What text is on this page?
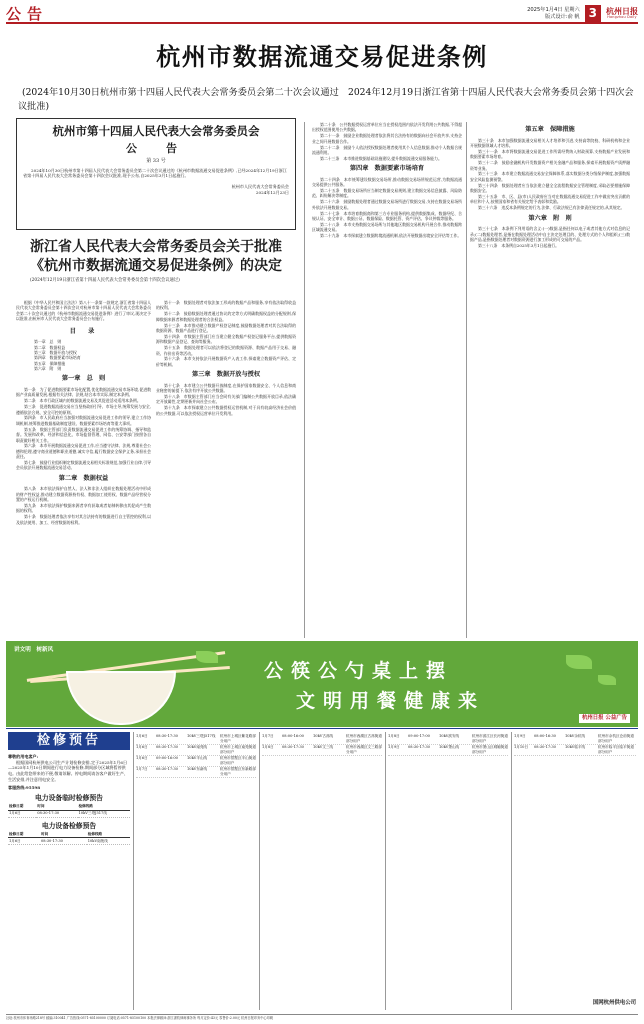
公告	2025年1月4日 星期六
版式设计:俞 帆 3	杭州日报
Hangzhou Daily
杭州市数据流通交易促进条例
(2024年10月30日杭州市第十四届人民代表大会常务委员会第二十次会议通过　2024年12月19日浙江省第十四届人民代表大会常务委员会第十四次会议批准)
杭州市第十四届人民代表大会常务委员会
公　告
第 33 号

2024年10月30日杭州市第十四届人民代表大会常务委员会第二十次会议通过的《杭州市数据流通交易促进条例》,已经2024年12月19日浙江省第十四届人民代表大会常务委员会第十四次会议批准,现予公布,自2025年3月1日起施行。

杭州市人民代表大会常务委员会
2024年12月23日
浙江省人民代表大会常务委员会关于批准《杭州市数据流通交易促进条例》的决定
(2024年12月19日浙江省第十四届人民代表大会常务委员会第十四次会议通过)

根据《中华人民共和国立法法》第八十一条第一款规定,浙江省第十四届人民代表大会常务委员会第十四次会议对杭州市第十四届人民代表大会常务委员会第二十次会议通过的《杭州市数据流通交易促进条例》进行了审议,现决定予以批准,由杭州市人民代表大会常务委员会公布施行。

目　录
第一章　总　则
第二章　数据权益
第三章　数据开放与授权
第四章　数据要素市场培育
第五章　保障措施
第六章　附　则
第一章　总　则

第一条　为了促进数据要素市场化配置,优化数据流通交易市场环境,促进数据产业高质量发展,根据有关法律、法规,结合本市实际,制定本条例。

第二条　本市行政区域内的数据流通交易及其促进活动适用本条例。

第三条　促进数据流通交易应当坚持政府引导、市场主导,统筹发展与安全,遵循依法合规、安全可控的原则。

第四条　市人民政府应当加强对数据流通交易促进工作的领导,建立工作协调机制,统筹推进数据基础制度建设、数据要素市场培育等重大事项。

第五条　数据主管部门负责数据流通交易促进工作的统筹协调、指导和监督。发展和改革、经济和信息化、市场监督管理、网信、公安等部门按照各自职责做好相关工作。

第六条　本市开展数据流通交易促进工作,应当遵守法律、法规,尊重社会公德和伦理,遵守商业道德和职业道德,诚实守信,履行数据安全保护义务,承担社会责任。

第七条　鼓励行业组织制定数据流通交易相关标准规范,加强行业自律,引导会员依法开展数据流通交易活动。

第二章　数据权益

第八条　本市依法保护自然人、法人和非法人组织在数据处理活动中形成的财产性权益,推动建立数据资源持有权、数据加工使用权、数据产品经营权分置的产权运行机制。

第九条　本市依法保护数据来源者享有获取或者复制转移由其促成产生数据的权利。

第十条　数据处理者依法享有对其合法持有的数据进行自主管控的权利,以及依法使用、加工、经营数据的权利。

第十一条　数据处理者对依法加工形成的数据产品和服务,享有依法取得收益的权利。

第十二条　鼓励数据处理者通过协议约定等方式明确数据权益的分配规则,保障数据来源者和数据处理者的合法权益。

第十三条　本市推动建立数据产权登记制度,鼓励数据处理者对其合法取得的数据资源、数据产品进行登记。

第十四条　市数据主管部门应当建立健全数据产权登记服务平台,提供数据资源和数据产品登记、查询等服务。

第十五条　数据处理者可以依法将登记的数据资源、数据产品用于交易、融资、作价出资等活动。

第十六条　本市支持依法开展数据资产入表工作,探索建立数据资产评估、定价等机制。

第三章　数据开放与授权

第十七条　本市建立公共数据开放制度,在保护国家数据安全、个人信息和商业秘密的前提下,依法有序开放公共数据。

第十八条　市数据主管部门应当会同有关部门编制公共数据开放目录,依法确定开放属性,定期更新并向社会公布。

第十九条　本市探索建立公共数据授权运营机制,对于具有较高经济社会价值的公共数据,可以依法授权运营单位开发利用。

第二十条　公共数据授权运营单位应当在授权范围内依法开发利用公共数据,不得超出授权范围使用公共数据。

第二十一条　鼓励企业数据处理者依法将其合法持有的数据向社会开放共享,支持企业之间开展数据合作。

第二十二条　鼓励个人依法授权数据处理者使用其个人信息数据,推动个人数据合规流通利用。

第二十三条　本市推进数据基础设施建设,提升数据流通交易服务能力。

第四章　数据要素市场培育

第二十四条　本市统筹建设数据交易场所,推动数据交易场所规范运营,为数据流通交易提供公共服务。

第二十五条　数据交易场所应当制定数据交易规则,建立数据交易信息披露、风险防范、纠纷解决等制度。

第二十六条　鼓励数据处理者通过数据交易场所进行数据交易,支持在数据交易场所外依法开展数据交易。

第二十七条　本市培育数据商和第三方专业服务机构,提供数据集成、数据经纪、合规认证、安全审计、数据公证、数据保险、数据托管、资产评估、争议仲裁等服务。

第二十八条　本市支持数据交易场所与其他地区数据交易机构开展合作,推动数据跨区域流通交易。

第二十九条　本市探索建立数据跨境流通机制,依法开展数据出境安全评估等工作。

第五章　保障措施

第三十条　本市加强数据流通交易相关人才培养和引进,支持高等院校、科研机构和企业开展数据领域人才培养。

第三十一条　本市将数据流通交易促进工作所需经费纳入财政预算,支持数据产业发展和数据要素市场培育。

第三十二条　鼓励金融机构开发数据资产相关金融产品和服务,探索开展数据资产质押融资等业务。

第三十三条　本市建立数据流通交易安全保障体系,落实数据分类分级保护制度,加强数据安全风险监测预警。

第三十四条　数据处理者应当依法建立健全全流程数据安全管理制度,采取必要措施保障数据安全。

第三十五条　市、区、县(市)人民政府应当对在数据流通交易促进工作中做出突出贡献的单位和个人,按照国家和省有关规定给予表彰和奖励。

第三十六条　违反本条例规定的行为,法律、行政法规已有法律责任规定的,从其规定。

第六章　附　则

第三十七条　本条例下列用语的含义:(一)数据,是指任何以电子或者其他方式对信息的记录;(二)数据处理者,是指在数据处理活动中自主决定处理目的、处理方式的个人和组织;(三)数据产品,是指数据处理者对数据资源进行加工形成的可交易的产品。

第三十八条　本条例自2025年3月1日起施行。

讲文明　树新风
公筷公勺桌上摆
文明用餐健康来
杭州日报 公益广告
检修预告
尊敬的用电客户:
根据国网杭州供电公司生产计划检修安排,定于2025年1月6日—2025年1月10日期间进行电力设备检修,期间部分区域将暂停供电。由此给您带来的不便,敬请谅解。停电期间请各客户做好生产、生活安排,并注意用电安全。
客服热线:95598
电力设备临时检修预告
检修日期	时间	检修线路
1月6日	08:30-17:30	10kV三塔J517线
电力设备检修预告
检修日期	时间	检修线路
1月6日	08:30-17:30	10kV南苑线
1月6日	08:30-17:30	10kV三塔J517线	杭州市上城区紫花路部分用户
1月6日	08:30-17:30	10kV南苑线	杭州市上城区南苑街道部分用户
1月6日	09:00-16:00	10kV半山线	杭州市拱墅区半山街道部分用户
1月7日	08:30-17:30	10kV东新线	杭州市拱墅区东新路部分用户
1月7日	08:00-16:00	10kV古荡线	杭州市西湖区古荡街道部分用户
1月8日	08:30-17:30	10kV文三线	杭州市西湖区文三路部分用户
1月8日	09:00-17:00	10kV滨安线	杭州市滨江区长河街道部分用户
1月9日	08:30-17:30	10kV萧山线	杭州市萧山区城厢街道部分用户
1月9日	08:00-16:30	10kV余杭线	杭州市余杭区仓前街道部分用户
1月10日	08:30-17:30	10kV临平线	杭州市临平区临平街道部分用户
国网杭州供电公司
社址:杭州市体育场路218号 邮编:310041 广告热线:0571-85100000 订阅电话:0571-85100100 本报法律顾问:浙江浙杭律师事务所 每月定价:43元 零售价:2.00元 杭州日报印务中心印刷
